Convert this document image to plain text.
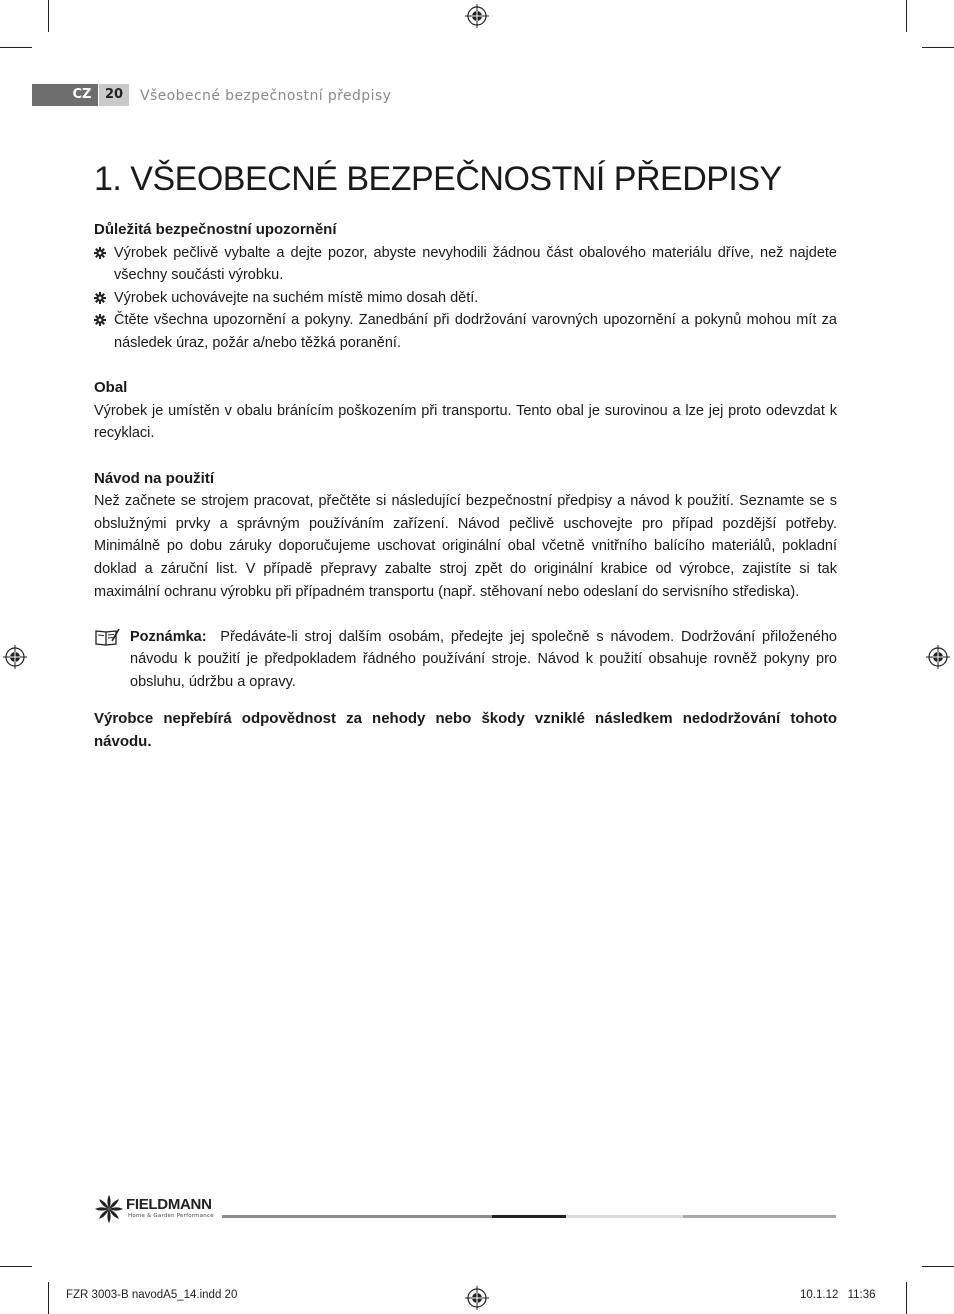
CZ	20	Všeobecné bezpečnostní předpisy
1. VŠEOBECNÉ BEZPEČNOSTNÍ PŘEDPISY
Důležitá bezpečnostní upozornění
Výrobek pečlivě vybalte a dejte pozor, abyste nevyhodili žádnou část obalového materiálu dříve, než najdete všechny součásti výrobku.
Výrobek uchovávejte na suchém místě mimo dosah dětí.
Čtěte všechna upozornění a pokyny. Zanedbání při dodržování varovných upozornění a pokynů mohou mít za následek úraz, požár a/nebo těžká poranění.
Obal

Výrobek je umístěn v obalu bránícím poškozením při transportu. Tento obal je surovinou a lze jej proto odevzdat k recyklaci.

Návod na použití

Než začnete se strojem pracovat, přečtěte si následující bezpečnostní předpisy a návod k použití. Seznamte se s obslužnými prvky a správným používáním zařízení. Návod pečlivě uschovejte pro případ pozdější potřeby. Minimálně po dobu záruky doporučujeme uschovat originální obal včetně vnitřního balícího materiálů, pokladní doklad a záruční list. V případě přepravy zabalte stroj zpět do originální krabice od výrobce, zajistíte si tak maximální ochranu výrobku při případném transportu (např. stěhovaní nebo odeslaní do servisního střediska).

Poznámka: Předáváte-li stroj dalším osobám, předejte jej společně s návodem. Dodržování přiloženého návodu k použití je předpokladem řádného používání stroje. Návod k použití obsahuje rovněž pokyny pro obsluhu, údržbu a opravy.

Výrobce nepřebírá odpovědnost za nehody nebo škody vzniklé následkem nedodržování tohoto návodu.

FIELDMANN
Home & Garden Performance
FZR 3003-B navodA5_14.indd 20	10.1.12 11:36
